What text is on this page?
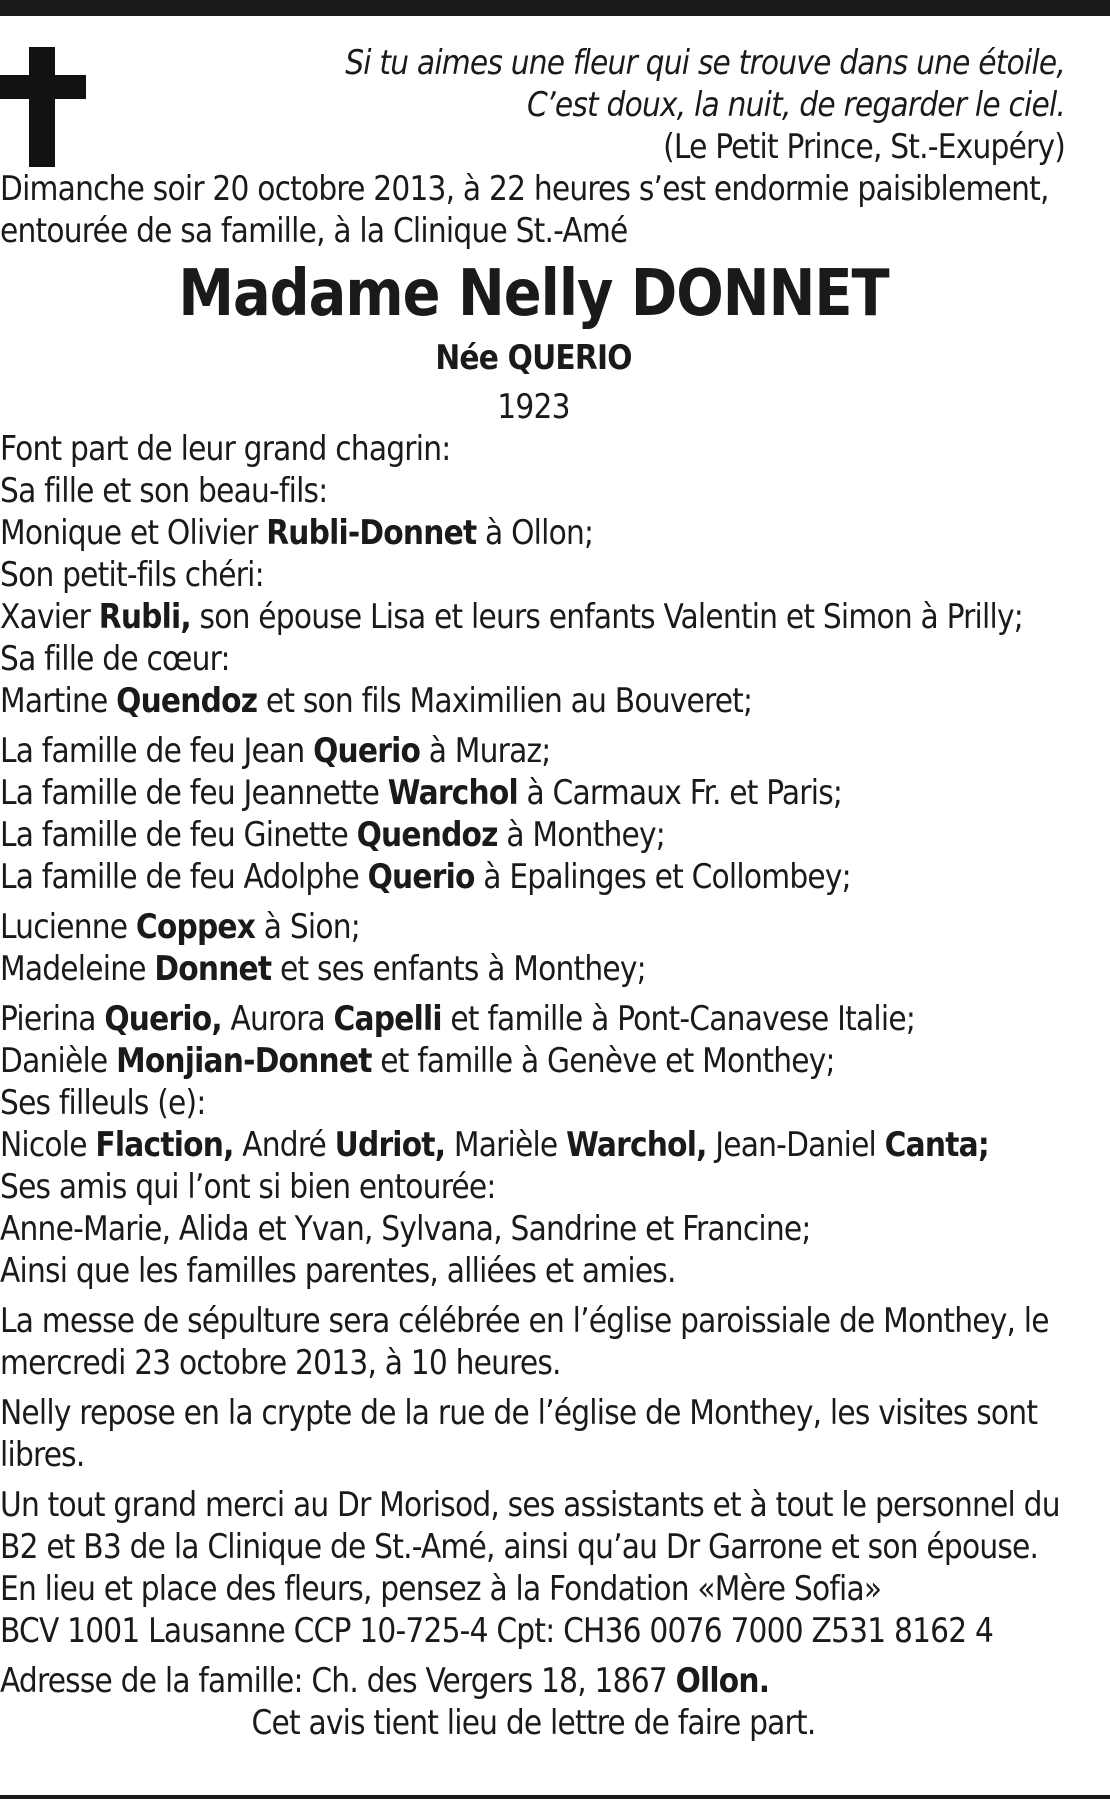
Si tu aimes une fleur qui se trouve dans une étoile,
C’est doux, la nuit, de regarder le ciel.
(Le Petit Prince, St.-Exupéry)
Dimanche soir 20 octobre 2013, à 22 heures s’est endormie paisiblement,
entourée de sa famille, à la Clinique St.-Amé
Madame Nelly DONNET
Née QUERIO
1923
Font part de leur grand chagrin:
Sa fille et son beau-fils:
Monique et Olivier Rubli-Donnet à Ollon;
Son petit-fils chéri:
Xavier Rubli, son épouse Lisa et leurs enfants Valentin et Simon à Prilly;
Sa fille de cœur:
Martine Quendoz et son fils Maximilien au Bouveret;
La famille de feu Jean Querio à Muraz;
La famille de feu Jeannette Warchol à Carmaux Fr. et Paris;
La famille de feu Ginette Quendoz à Monthey;
La famille de feu Adolphe Querio à Epalinges et Collombey;
Lucienne Coppex à Sion;
Madeleine Donnet et ses enfants à Monthey;
Pierina Querio, Aurora Capelli et famille à Pont-Canavese Italie;
Danièle Monjian-Donnet et famille à Genève et Monthey;
Ses filleuls (e):
Nicole Flaction, André Udriot, Marièle Warchol, Jean-Daniel Canta;
Ses amis qui l’ont si bien entourée:
Anne-Marie, Alida et Yvan, Sylvana, Sandrine et Francine;
Ainsi que les familles parentes, alliées et amies.
La messe de sépulture sera célébrée en l’église paroissiale de Monthey, le mercredi 23 octobre 2013, à 10 heures.
Nelly repose en la crypte de la rue de l’église de Monthey, les visites sont libres.
Un tout grand merci au Dr Morisod, ses assistants et à tout le personnel du B2 et B3 de la Clinique de St.-Amé, ainsi qu’au Dr Garrone et son épouse.
En lieu et place des fleurs, pensez à la Fondation «Mère Sofia»
BCV 1001 Lausanne CCP 10-725-4 Cpt: CH36 0076 7000 Z531 8162 4
Adresse de la famille: Ch. des Vergers 18, 1867 Ollon.
Cet avis tient lieu de lettre de faire part.
